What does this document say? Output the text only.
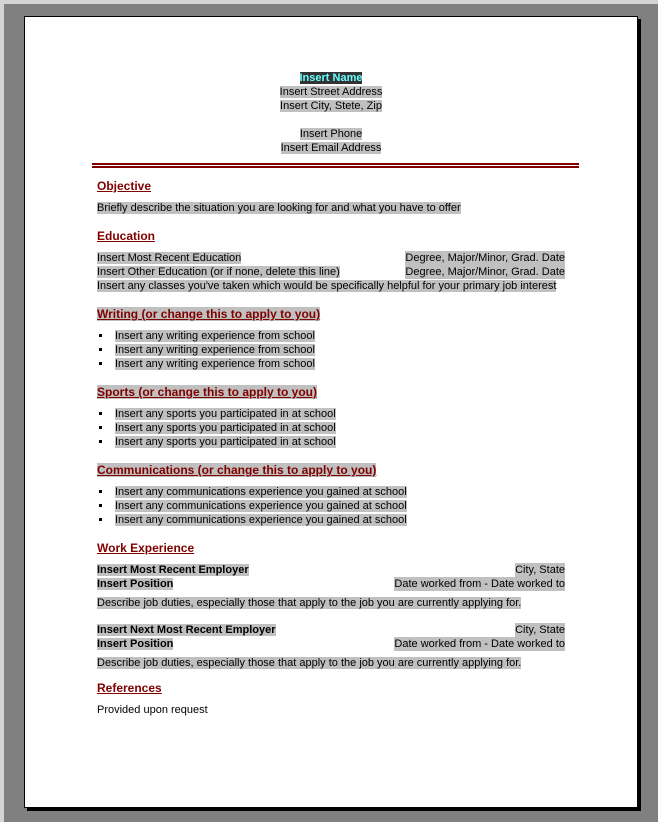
Insert Name
Insert Street Address
Insert City, Stete, Zip
Insert Phone
Insert Email Address
Objective
Briefly describe the situation you are looking for and what you have to offer
Education
Insert Most Recent Education	Degree, Major/Minor, Grad. Date
Insert Other Education (or if none, delete this line)	Degree, Major/Minor, Grad. Date
Insert any classes you've taken which would be specifically helpful for your primary job interest
Writing (or change this to apply to you)
Insert any writing experience from school
Insert any writing experience from school
Insert any writing experience from school
Sports (or change this to apply to you)
Insert any sports you participated in at school
Insert any sports you participated in at school
Insert any sports you participated in at school
Communications (or change this to apply to you)
Insert any communications experience you gained at school
Insert any communications experience you gained at school
Insert any communications experience you gained at school
Work Experience
Insert Most Recent Employer	City, State
Insert Position	Date worked from - Date worked to
Describe job duties, especially those that apply to the job you are currently applying for.
Insert Next Most Recent Employer	City, State
Insert Position	Date worked from - Date worked to
Describe job duties, especially those that apply to the job you are currently applying for.
References
Provided upon request
